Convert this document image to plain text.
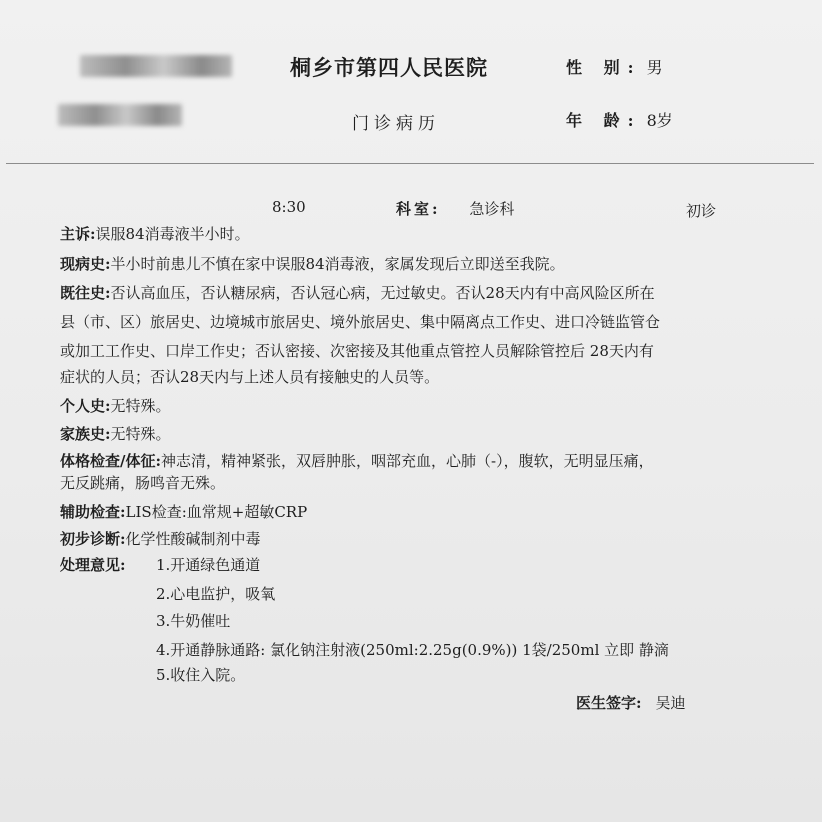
桐乡市第四人民医院
门诊病历
性 别: 男
年 龄: 8岁
8:30	科室: 急诊科	初诊
主诉:误服84消毒液半小时。
现病史:半小时前患儿不慎在家中误服84消毒液，家属发现后立即送至我院。
既往史:否认高血压，否认糖尿病，否认冠心病，无过敏史。否认28天内有中高风险区所在
县（市、区）旅居史、边境城市旅居史、境外旅居史、集中隔离点工作史、进口冷链监管仓
或加工工作史、口岸工作史；否认密接、次密接及其他重点管控人员解除管控后 28天内有
症状的人员；否认28天内与上述人员有接触史的人员等。
个人史:无特殊。
家族史:无特殊。
体格检查/体征:神志清，精神紧张，双唇肿胀，咽部充血，心肺（-），腹软，无明显压痛，
无反跳痛，肠鸣音无殊。
辅助检查:LIS检查:血常规+超敏CRP
初步诊断:化学性酸碱制剂中毒
处理意见:	1.开通绿色通道
2.心电监护，吸氧
3.牛奶催吐
4.开通静脉通路: 氯化钠注射液(250ml:2.25g(0.9%)) 1袋/250ml 立即 静滴
5.收住入院。
医生签字: 吴迪
